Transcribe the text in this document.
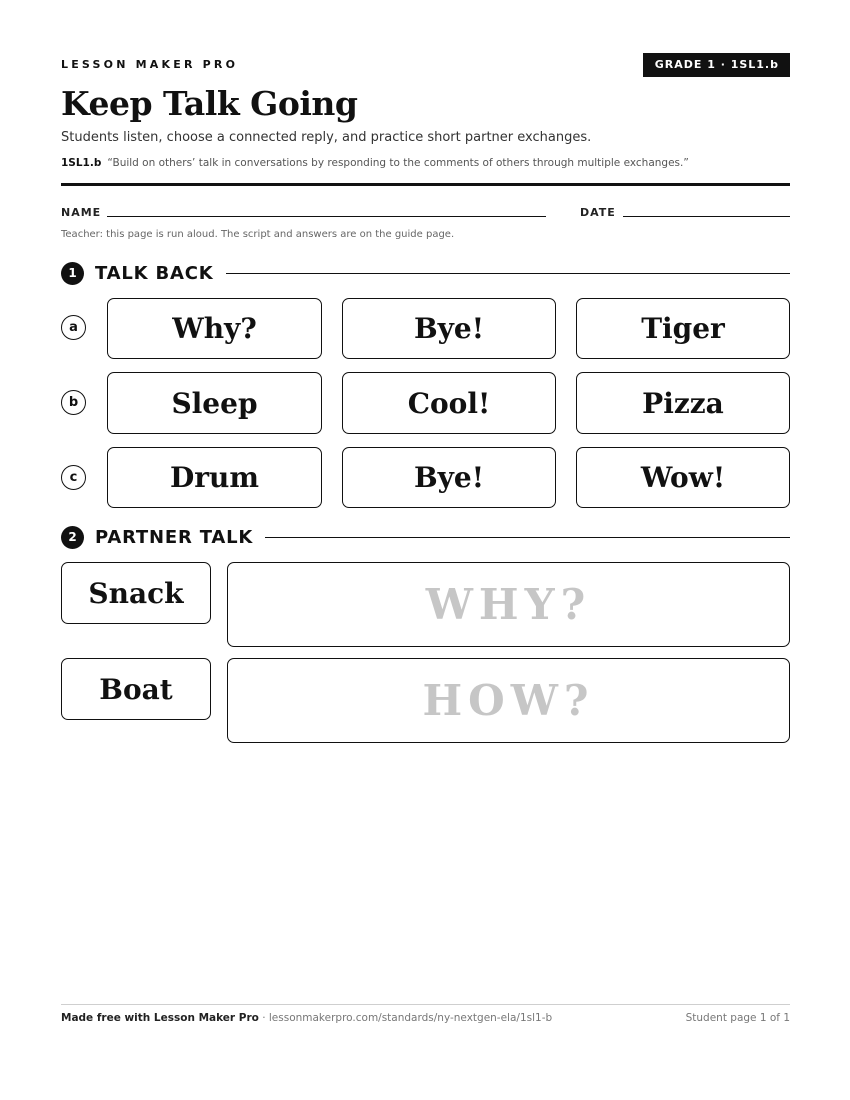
LESSON MAKER PRO	GRADE 1 · 1SL1.b
Keep Talk Going
Students listen, choose a connected reply, and practice short partner exchanges.
1SL1.b “Build on others’ talk in conversations by responding to the comments of others through multiple exchanges.”
NAME	DATE
Teacher: this page is run aloud. The script and answers are on the guide page.
1	TALK BACK
a	Why?	Bye!	Tiger
b	Sleep	Cool!	Pizza
c	Drum	Bye!	Wow!
2	PARTNER TALK
Snack	WHY?
Boat	HOW?
Made free with Lesson Maker Pro · lessonmakerpro.com/standards/ny-nextgen-ela/1sl1-b	Student page 1 of 1
